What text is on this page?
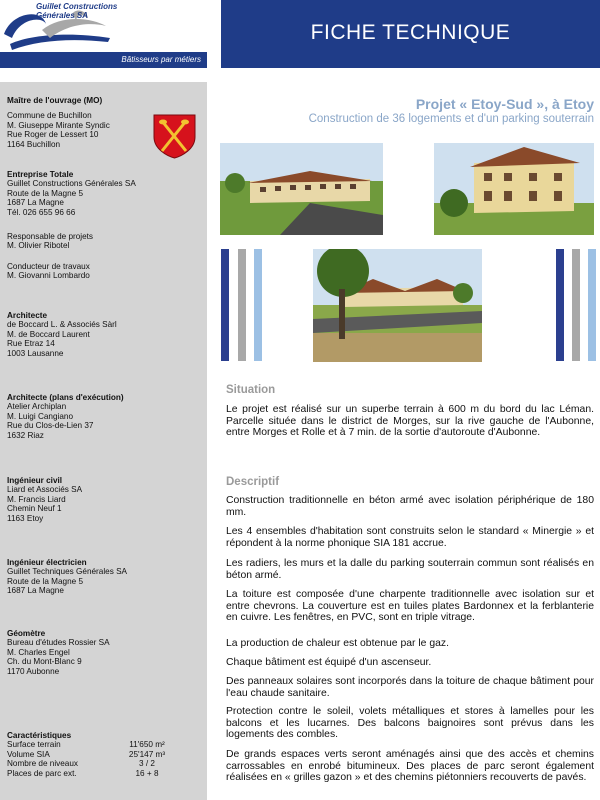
Guillet Constructions
Générales SA
Bâtisseurs par métiers
FICHE TECHNIQUE
Maître de l'ouvrage (MO)
Commune de Buchillon
M. Giuseppe Mirante Syndic
Rue Roger de Lessert 10
1164 Buchillon
Entreprise Totale
Guillet Constructions Générales SA
Route de la Magne 5
1687 La Magne
Tél. 026 655 96 66
Responsable de projets
M. Olivier Ribotel
Conducteur de travaux
M. Giovanni Lombardo
Architecte
de Boccard L. & Associés Sàrl
M. de Boccard Laurent
Rue Etraz 14
1003 Lausanne
Architecte (plans d'exécution)
Atelier Archiplan
M. Luigi Cangiano
Rue du Clos-de-Lien 37
1632 Riaz
Ingénieur civil
Liard et Associés SA
M. Francis Liard
Chemin Neuf 1
1163 Etoy
Ingénieur électricien
Guillet Techniques Générales SA
Route de la Magne 5
1687 La Magne
Géomètre
Bureau d'études Rossier SA
M. Charles Engel
Ch. du Mont-Blanc 9
1170 Aubonne
Caractéristiques
Surface terrain	11'650 m²
Volume SIA	25'147 m³
Nombre de niveaux	3 / 2
Places de parc ext.	16 + 8
Projet « Etoy-Sud », à Etoy
Construction de 36 logements et d'un parking souterrain
Situation
Le projet est réalisé sur un superbe terrain à 600 m du bord du lac Léman. Parcelle située dans le district de Morges, sur la rive gauche de l'Aubonne, entre Morges et Rolle et à 7 min. de la sortie d'autoroute d'Aubonne.
Descriptif
Construction traditionnelle en béton armé avec isolation périphérique de 180 mm.
Les 4 ensembles d'habitation sont construits selon le standard « Minergie » et répondent à la norme phonique SIA 181 accrue.
Les radiers, les murs et la dalle du parking souterrain commun sont réalisés en béton armé.
La toiture est composée d'une charpente traditionnelle avec isolation sur et entre chevrons. La couverture est en tuiles plates Bardonnex et la ferblanterie en cuivre. Les fenêtres, en PVC, sont en triple vitrage.
La production de chaleur est obtenue par le gaz.
Chaque bâtiment est équipé d'un ascenseur.
Des panneaux solaires sont incorporés dans la toiture de chaque bâtiment pour l'eau chaude sanitaire.
Protection contre le soleil, volets métalliques et stores à lamelles pour les balcons et les lucarnes. Des balcons baignoires sont prévus dans les logements des combles.
De grands espaces verts seront aménagés ainsi que des accès et chemins carrossables en enrobé bitumineux. Des places de parc seront également réalisées en « grilles gazon » et des chemins piétonniers recouverts de pavés.
